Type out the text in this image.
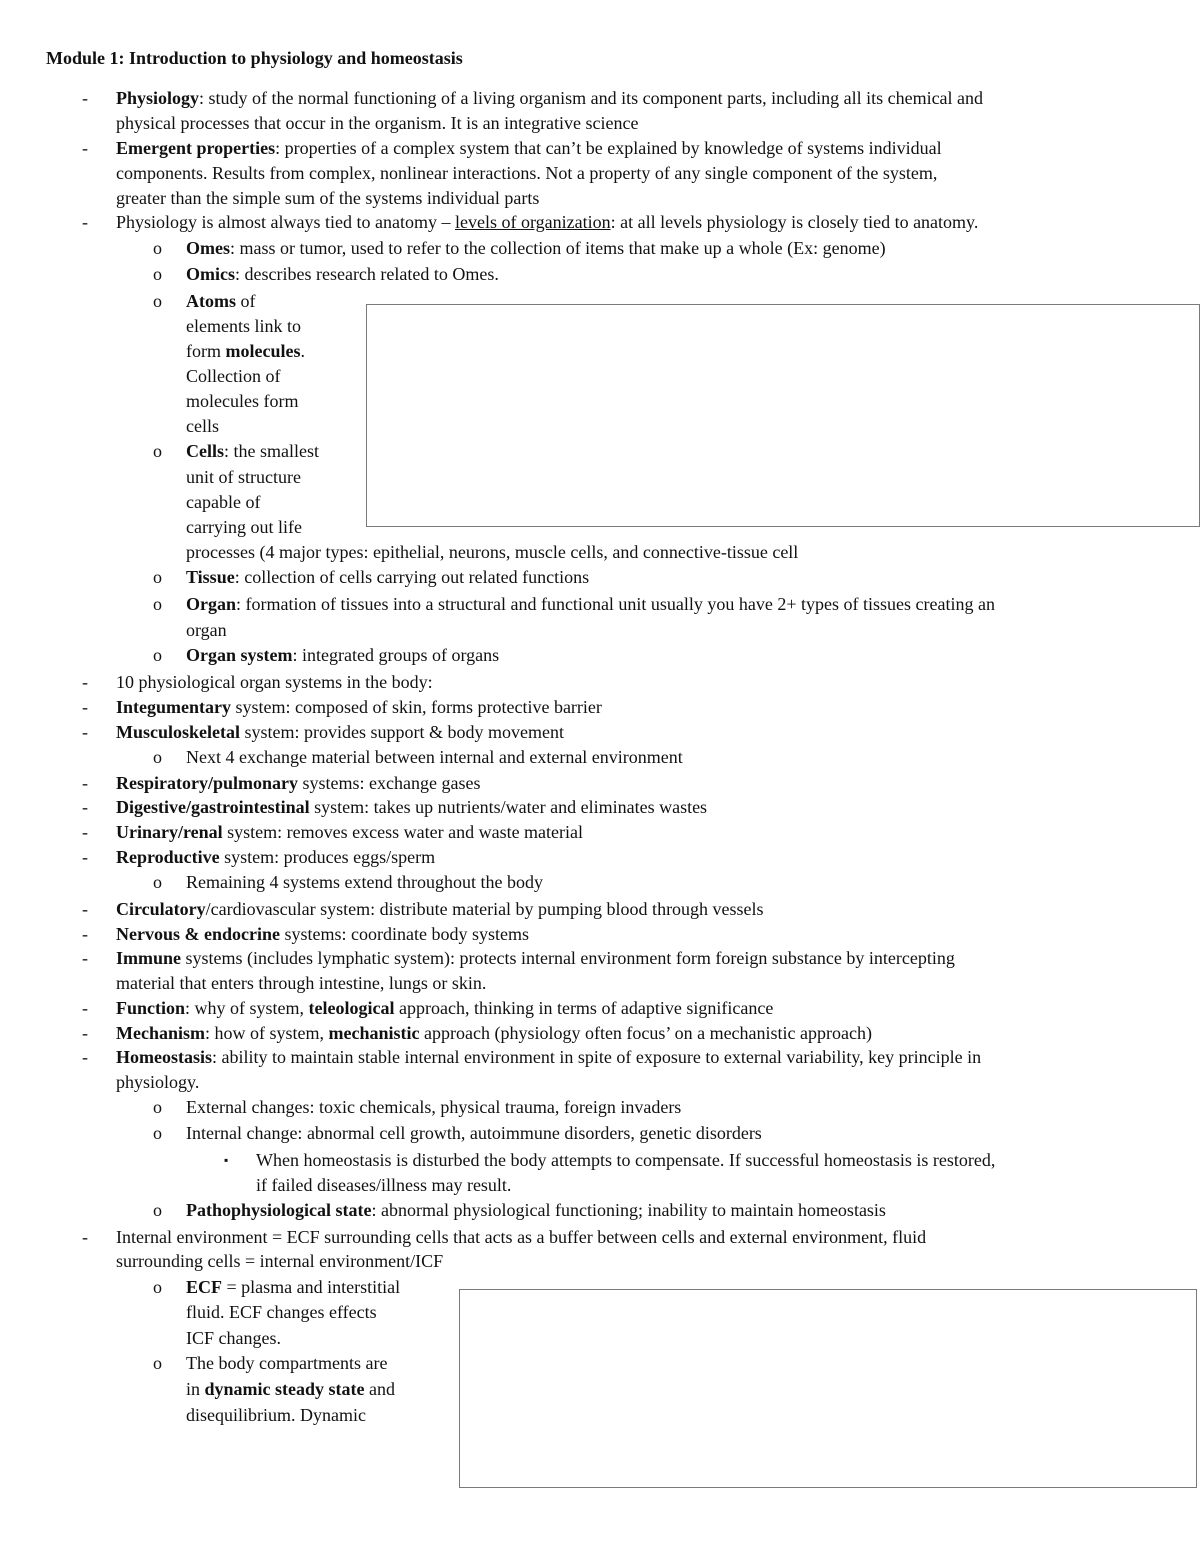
Module 1: Introduction to physiology and homeostasis
- Physiology: study of the normal functioning of a living organism and its component parts, including all its chemical and
physical processes that occur in the organism. It is an integrative science
- Emergent properties: properties of a complex system that can’t be explained by knowledge of systems individual
components. Results from complex, nonlinear interactions. Not a property of any single component of the system,
greater than the simple sum of the systems individual parts
- Physiology is almost always tied to anatomy – levels of organization: at all levels physiology is closely tied to anatomy.
o Omes: mass or tumor, used to refer to the collection of items that make up a whole (Ex: genome)
o Omics: describes research related to Omes.
o Atoms of
elements link to
form molecules.
Collection of
molecules form
cells
o Cells: the smallest
unit of structure
capable of
carrying out life
processes (4 major types: epithelial, neurons, muscle cells, and connective-tissue cell
o Tissue: collection of cells carrying out related functions
o Organ: formation of tissues into a structural and functional unit usually you have 2+ types of tissues creating an
organ
o Organ system: integrated groups of organs
- 10 physiological organ systems in the body:
- Integumentary system: composed of skin, forms protective barrier
- Musculoskeletal system: provides support & body movement
o Next 4 exchange material between internal and external environment
- Respiratory/pulmonary systems: exchange gases
- Digestive/gastrointestinal system: takes up nutrients/water and eliminates wastes
- Urinary/renal system: removes excess water and waste material
- Reproductive system: produces eggs/sperm
o Remaining 4 systems extend throughout the body
- Circulatory/cardiovascular system: distribute material by pumping blood through vessels
- Nervous & endocrine systems: coordinate body systems
- Immune systems (includes lymphatic system): protects internal environment form foreign substance by intercepting
material that enters through intestine, lungs or skin.
- Function: why of system, teleological approach, thinking in terms of adaptive significance
- Mechanism: how of system, mechanistic approach (physiology often focus’ on a mechanistic approach)
- Homeostasis: ability to maintain stable internal environment in spite of exposure to external variability, key principle in
physiology.
o External changes: toxic chemicals, physical trauma, foreign invaders
o Internal change: abnormal cell growth, autoimmune disorders, genetic disorders
▪ When homeostasis is disturbed the body attempts to compensate. If successful homeostasis is restored,
if failed diseases/illness may result.
o Pathophysiological state: abnormal physiological functioning; inability to maintain homeostasis
- Internal environment = ECF surrounding cells that acts as a buffer between cells and external environment, fluid
surrounding cells = internal environment/ICF
o ECF = plasma and interstitial
fluid. ECF changes effects
ICF changes.
o The body compartments are
in dynamic steady state and
disequilibrium. Dynamic
